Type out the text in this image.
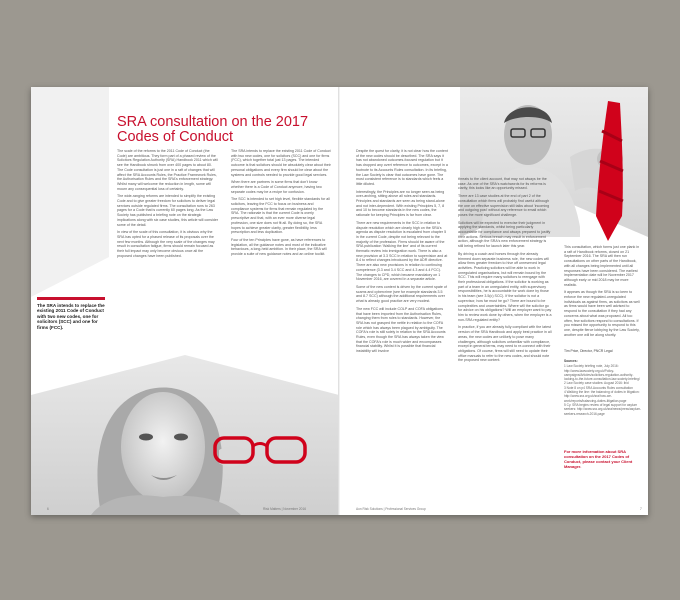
SRA consultation on the 2017 Codes of Conduct

The scale of the reforms to the 2011 Code of Conduct (the Code) are ambitious. They form part of a phased review of the Solicitors Regulation Authority (SRA) Handbook 2011 which will see the Handbook shrunk from over 400 pages to about 80. The Code consultation is just one in a raft of changes that will affect the SRA Accounts Rules, the Practice Framework Rules, the Authorisation Rules and the SRA's enforcement strategy. Whilst many will welcome the reduction in length, some will mourn any consequential loss of certainty.

The wide-ranging reforms are intended to simplify the existing Code and to give greater freedom for solicitors to deliver legal services outside regulated firms. The consultation runs to 263 pages for a Code that is currently 60 pages long. As the Law Society has published a briefing note on the strategic implications along with six case studies, this article will consider some of the detail.

In view of the scale of this consultation, it is obvious why the SRA has opted for a phased release of its proposals over the next few months. Although the very scale of the changes may result in consultation fatigue, firms should remain focused as their full impact may only become obvious once all the proposed changes have been published.

The SRA intends to replace the existing 2011 Code of Conduct with two new codes, one for solicitors (SCC) and one for firms (FCC), which together total just 13 pages. The intended outcome is that solicitors should be absolutely clear about their personal obligations and every firm should be clear about the systems and controls needed to provide good legal services.

When there are partners in some firms that don't know whether there is a Code of Conduct anymore, having two separate codes may be a recipe for confusion.

The SCC is intended to set high level, flexible standards for all solicitors, leaving the FCC to focus on business and compliance systems for firms that remain regulated by the SRA. The rationale is that the current Code is overly prescriptive and that, with an ever more diverse legal profession, one size does not fit all. By doing so, the SRA hopes to achieve greater clarity, greater flexibility, less prescription and less duplication.

Four of the ten Principles have gone, as have references to legislation, all the guidance notes and most of the indicative behaviours, a long-held ambition. In their place, the SRA will provide a suite of new guidance notes and an online toolkit.

The SRA intends to replace the existing 2011 Code of Conduct with two new codes, one for solicitors (SCC) and one for firms (FCC).
6	Risk Matters | November 2016

Despite the quest for clarity, it is not clear how the content of the new codes should be described. The SRA says it has not abandoned outcomes-focused regulation but it has dropped any overt reference to outcomes, except in a footnote to its Accounts Rules consultation. In its briefing, the Law Society is clear that outcomes have gone. The most consistent reference is to standards which feels a little diluted.

Interestingly, the Principles are no longer seen as being over-arching, sitting above all rules and standards. Principles and standards are seen as being stand-alone and not inter-dependent. With existing Principles 5, 7, 8 and 10 to become standards in the new codes, the rationale for keeping Principles is far from clear.

There are new requirements in the SCC in relation to dispute resolution which are clearly high on the SRA's agenda as dispute resolution is escalated from chapter 5 in the current Code, despite not being relevant to the majority of the profession. Firms should be aware of the SRA publication 'Walking the line' and of its current thematic review into immigration work. There is also a new provision at 3.3 SCC in relation to supervision and at 8.4 to reflect changes introduced by the ADR directive. There are also new provisions in relation to continuing competence (3.3 and 3.4 SCC and 4.3 and 4.4 FCC). The changes to CPD, which became mandatory on 1 November 2016, are covered in a separate article.

Some of the new content is driven by the current spate of scams and cybercrime (see for example standards 3.5 and 8.7 SCC) although the additional requirements over what is already good practice are very modest.

The new FCC will include COLP and COFA obligations that have been imported from the Authorisation Rules, changing them from rules to standards. However, the SRA has not grasped the nettle in relation to the COFA role which has always been plagued by ambiguity. The COFA's role is still solely in relation to the SRA Accounts Rules, even though the SRA has always taken the view that the COFA's role is much wider and encompasses financial stability. Whilst it is possible that financial instability will involve

threats to the client account, that may not always be the case. As one of the SRA's watchwords for its reforms is clarity, this looks like an opportunity missed.

There are 13 case studies at the end of part 2 of the consultation which firms will probably find useful although the one on effective supervision still talks about 'incoming and outgoing post' without any reference to email which poses the more significant challenge.

Solicitors will be expected to exercise their judgment in applying the standards, whilst being particularly accountable for compliance and always prepared to justify their actions. Serious breach may result in enforcement action, although the SRA's new enforcement strategy is still being refined for launch later this year.

By driving a coach and horses through the already trimmed down separate business rule, the new codes will allow firms greater freedom to hive off unreserved legal activities. Practicing solicitors will be able to work in unregulated organisations, but will remain bound by the SCC. This will require many solicitors to reengage with their professional obligations. If the solicitor is working as part of a team in an unregulated entity, with supervisory responsibilities, he is accountable for work done by those in his team (see 3.5(c) SCC). If the solicitor is not a supervisor, how far must he go? There are bound to be complexities and uncertainties. Where will the solicitor go for advice on his obligations? Will an employer want to pay him to review work done by others, when the employer is a non-SRA regulated entity?

In practice, if you are already fully compliant with the latest version of the SRA Handbook and apply best practice in all areas, the new codes are unlikely to pose many challenges, although solicitors unfamiliar with compliance, except in general terms, may need to re-connect with their obligations. Of course, firms will still need to update their office manuals to refer to the new codes, and should note the proposed new content.

This consultation, which forms just one plank in a raft of Handbook reforms, closed on 21 September 2016. The SRA will then run consultations on other parts of the Handbook, with all changes being implemented until all responses have been considered. The earliest implementation date will be November 2017 although early or mid 2018 may be more realistic.

It appears as though the SRA is so keen to enforce the new regulated-unregulated individuals as against firms, as solicitors as well as firms would have been well advised to respond to the consultation if they had any concerns about what was proposed. All too often, few solicitors respond to consultations. If you missed the opportunity to respond to this one, despite fierce lobbying by the Law Society, another one will be along shortly.

Tim Price, Director, PNCR Legal
Sources:
1 Law Society briefing note, July 2016: http://www.lawsociety.org.uk/Policy-campaigns/Articles/solicitors-regulation-authority-looking-to-the-future-consultation-law-society-briefing/
2 Law Society case studies: August 2016: ibid
3 Note 8 on p4 SRA Accounts Rules consultation
4 Walking the line: the balancing of duties in litigation: http://www.sra.org.uk/sra/how-we-work/reports/balancing-duties-litigation.page
5 Cy. SRA begins review of legal support for asylum seekers: http://www.sra.org.uk/sra/news/press/asylum-seekers-research-2016.page
For more information about SRA consultation on the 2017 Codes of Conduct, please contact your Client Manager.
Aon Risk Solutions | Professional Services Group	7
